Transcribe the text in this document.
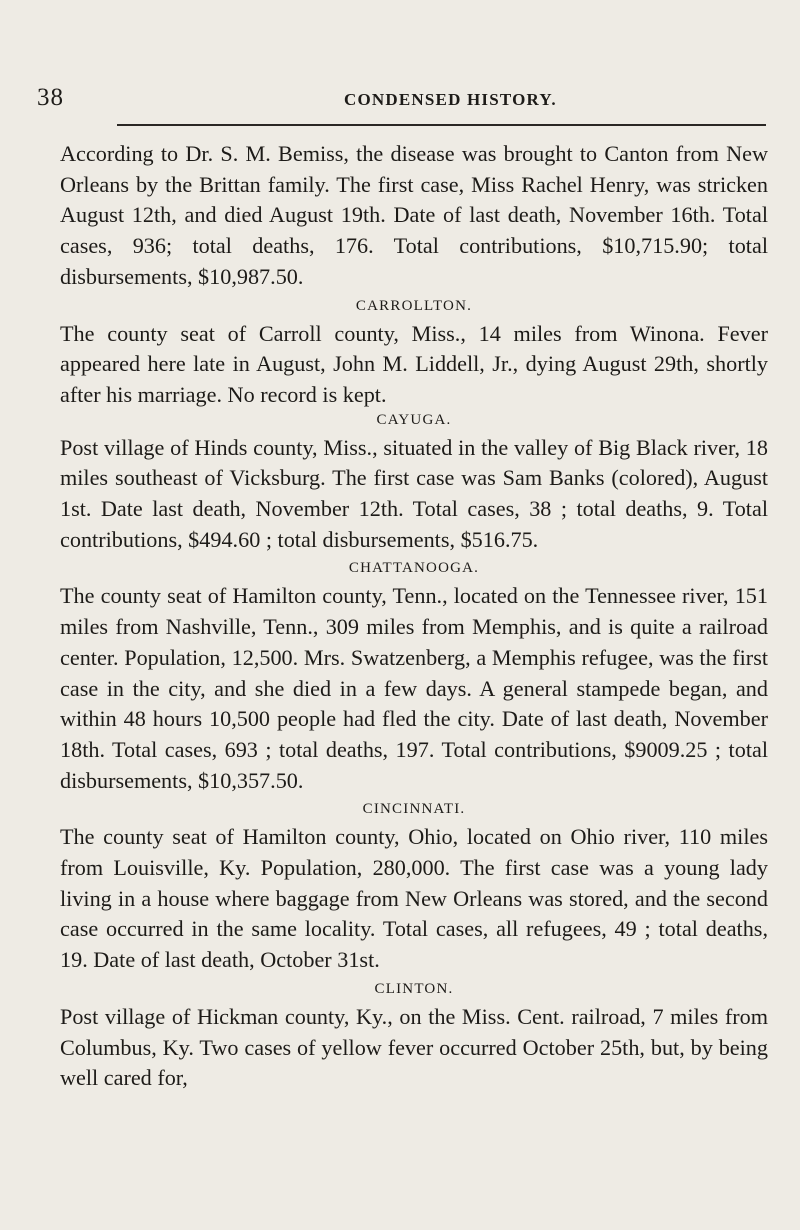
38	CONDENSED HISTORY.

According to Dr. S. M. Bemiss, the disease was brought to Canton from New Orleans by the Brittan family. The first case, Miss Rachel Henry, was stricken August 12th, and died August 19th. Date of last death, November 16th. Total cases, 936; total deaths, 176. Total contributions, $10,715.90; total disbursements, $10,987.50.

CARROLLTON.

The county seat of Carroll county, Miss., 14 miles from Winona. Fever appeared here late in August, John M. Liddell, Jr., dying August 29th, shortly after his marriage. No record is kept.

CAYUGA.

Post village of Hinds county, Miss., situated in the valley of Big Black river, 18 miles southeast of Vicksburg. The first case was Sam Banks (colored), August 1st. Date last death, November 12th. Total cases, 38 ; total deaths, 9. Total contributions, $494.60 ; total disbursements, $516.75.

CHATTANOOGA.

The county seat of Hamilton county, Tenn., located on the Tennessee river, 151 miles from Nashville, Tenn., 309 miles from Memphis, and is quite a railroad center. Population, 12,500. Mrs. Swatzenberg, a Memphis refugee, was the first case in the city, and she died in a few days. A general stampede began, and within 48 hours 10,500 people had fled the city. Date of last death, November 18th. Total cases, 693 ; total deaths, 197. Total contributions, $9009.25 ; total disbursements, $10,357.50.

CINCINNATI.

The county seat of Hamilton county, Ohio, located on Ohio river, 110 miles from Louisville, Ky. Population, 280,000. The first case was a young lady living in a house where baggage from New Orleans was stored, and the second case occurred in the same locality. Total cases, all refugees, 49 ; total deaths, 19. Date of last death, October 31st.

CLINTON.

Post village of Hickman county, Ky., on the Miss. Cent. railroad, 7 miles from Columbus, Ky. Two cases of yellow fever occurred October 25th, but, by being well cared for,
